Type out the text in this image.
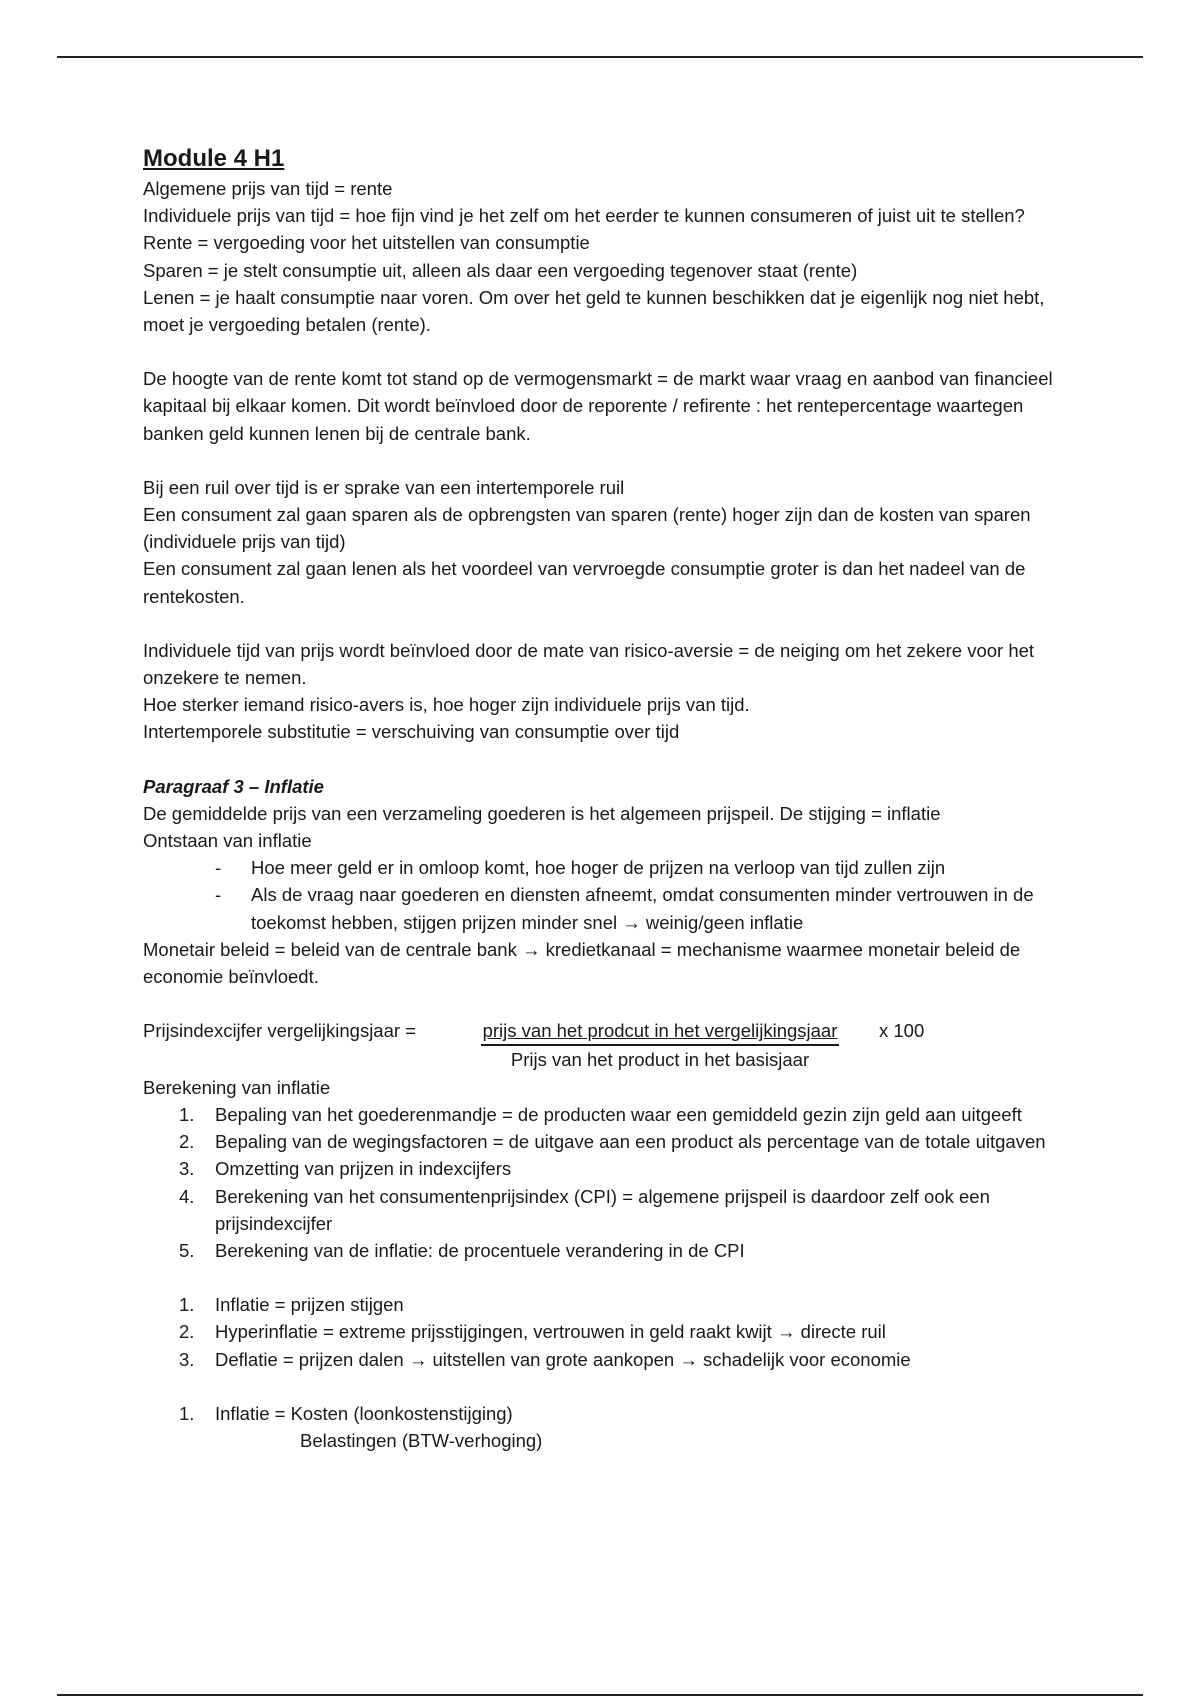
Module 4 H1

Algemene prijs van tijd = rente

Individuele prijs van tijd = hoe fijn vind je het zelf om het eerder te kunnen consumeren of juist uit te stellen?

Rente = vergoeding voor het uitstellen van consumptie

Sparen = je stelt consumptie uit, alleen als daar een vergoeding tegenover staat (rente)

Lenen = je haalt consumptie naar voren. Om over het geld te kunnen beschikken dat je eigenlijk nog niet hebt, moet je vergoeding betalen (rente).

De hoogte van de rente komt tot stand op de vermogensmarkt = de markt waar vraag en aanbod van financieel kapitaal bij elkaar komen. Dit wordt beïnvloed door de reporente / refirente : het rentepercentage waartegen banken geld kunnen lenen bij de centrale bank.

Bij een ruil over tijd is er sprake van een intertemporele ruil

Een consument zal gaan sparen als de opbrengsten van sparen (rente) hoger zijn dan de kosten van sparen (individuele prijs van tijd)

Een consument zal gaan lenen als het voordeel van vervroegde consumptie groter is dan het nadeel van de rentekosten.

Individuele tijd van prijs wordt beïnvloed door de mate van risico-aversie = de neiging om het zekere voor het onzekere te nemen.

Hoe sterker iemand risico-avers is, hoe hoger zijn individuele prijs van tijd.

Intertemporele substitutie = verschuiving van consumptie over tijd

Paragraaf 3 – Inflatie

De gemiddelde prijs van een verzameling goederen is het algemeen prijspeil. De stijging = inflatie

Ontstaan van inflatie

-	Hoe meer geld er in omloop komt, hoe hoger de prijzen na verloop van tijd zullen zijn
-	Als de vraag naar goederen en diensten afneemt, omdat consumenten minder vertrouwen in de toekomst hebben, stijgen prijzen minder snel → weinig/geen inflatie

Monetair beleid = beleid van de centrale bank → kredietkanaal = mechanisme waarmee monetair beleid de economie beïnvloedt.

Prijsindexcijfer vergelijkingsjaar =	$\frac{\text{prijs van het prodcut in het vergelijkingsjaar}}{\text{Prijs van het product in het basisjaar}}$	x 100

Berekening van inflatie

1.	Bepaling van het goederenmandje = de producten waar een gemiddeld gezin zijn geld aan uitgeeft
2.	Bepaling van de wegingsfactoren = de uitgave aan een product als percentage van de totale uitgaven
3.	Omzetting van prijzen in indexcijfers
4.	Berekening van het consumentenprijsindex (CPI) = algemene prijspeil is daardoor zelf ook een prijsindexcijfer
5.	Berekening van de inflatie: de procentuele verandering in de CPI
1.	Inflatie = prijzen stijgen
2.	Hyperinflatie = extreme prijsstijgingen, vertrouwen in geld raakt kwijt → directe ruil
3.	Deflatie = prijzen dalen → uitstellen van grote aankopen → schadelijk voor economie
1.	Inflatie = Kosten (loonkostenstijging)

Belastingen (BTW-verhoging)
